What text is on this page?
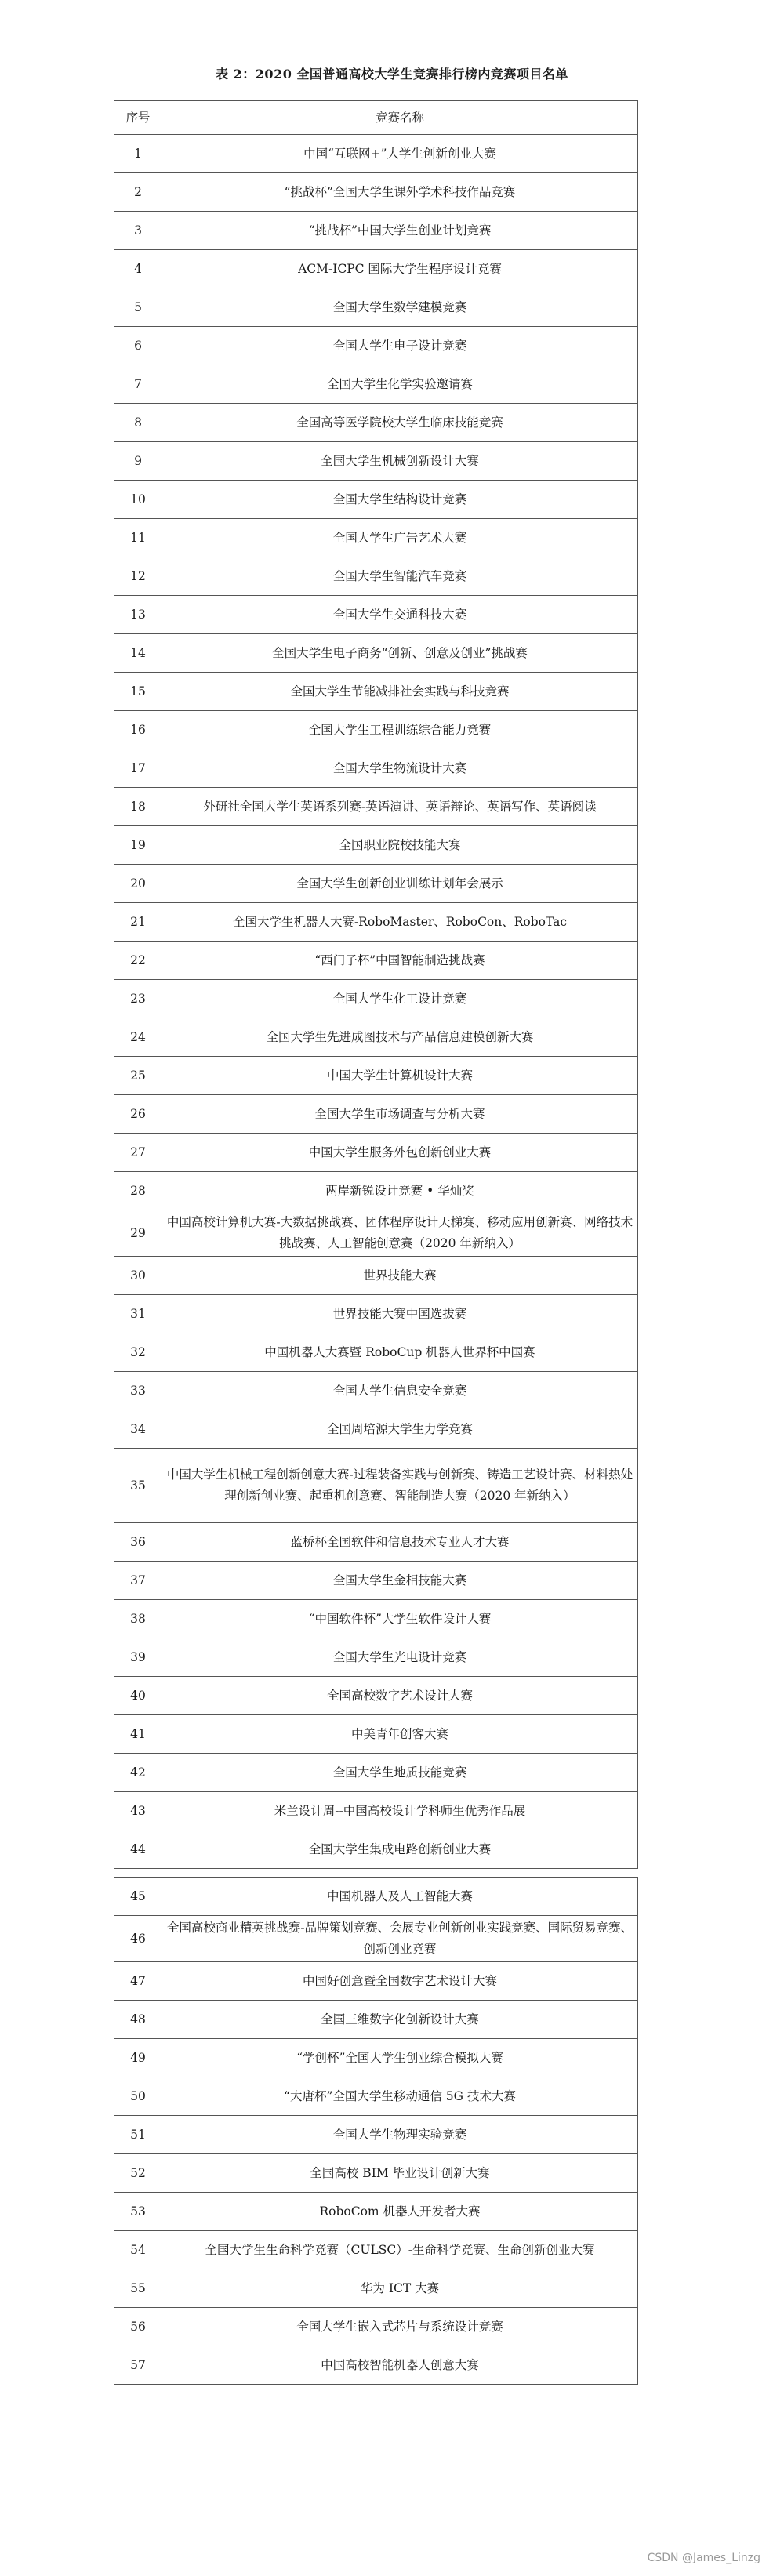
表 2：2020 全国普通高校大学生竞赛排行榜内竞赛项目名单
序号	竞赛名称
1	中国“互联网+”大学生创新创业大赛
2	“挑战杯”全国大学生课外学术科技作品竞赛
3	“挑战杯”中国大学生创业计划竞赛
4	ACM-ICPC 国际大学生程序设计竞赛
5	全国大学生数学建模竞赛
6	全国大学生电子设计竞赛
7	全国大学生化学实验邀请赛
8	全国高等医学院校大学生临床技能竞赛
9	全国大学生机械创新设计大赛
10	全国大学生结构设计竞赛
11	全国大学生广告艺术大赛
12	全国大学生智能汽车竞赛
13	全国大学生交通科技大赛
14	全国大学生电子商务“创新、创意及创业”挑战赛
15	全国大学生节能减排社会实践与科技竞赛
16	全国大学生工程训练综合能力竞赛
17	全国大学生物流设计大赛
18	外研社全国大学生英语系列赛-英语演讲、英语辩论、英语写作、英语阅读
19	全国职业院校技能大赛
20	全国大学生创新创业训练计划年会展示
21	全国大学生机器人大赛-RoboMaster、RoboCon、RoboTac
22	“西门子杯”中国智能制造挑战赛
23	全国大学生化工设计竞赛
24	全国大学生先进成图技术与产品信息建模创新大赛
25	中国大学生计算机设计大赛
26	全国大学生市场调查与分析大赛
27	中国大学生服务外包创新创业大赛
28	两岸新锐设计竞赛 • 华灿奖
29	中国高校计算机大赛-大数据挑战赛、团体程序设计天梯赛、移动应用创新赛、网络技术挑战赛、人工智能创意赛（2020 年新纳入）
30	世界技能大赛
31	世界技能大赛中国选拔赛
32	中国机器人大赛暨 RoboCup 机器人世界杯中国赛
33	全国大学生信息安全竞赛
34	全国周培源大学生力学竞赛
35	中国大学生机械工程创新创意大赛-过程装备实践与创新赛、铸造工艺设计赛、材料热处理创新创业赛、起重机创意赛、智能制造大赛（2020 年新纳入）
36	蓝桥杯全国软件和信息技术专业人才大赛
37	全国大学生金相技能大赛
38	“中国软件杯”大学生软件设计大赛
39	全国大学生光电设计竞赛
40	全国高校数字艺术设计大赛
41	中美青年创客大赛
42	全国大学生地质技能竞赛
43	米兰设计周--中国高校设计学科师生优秀作品展
44	全国大学生集成电路创新创业大赛
45	中国机器人及人工智能大赛
46	全国高校商业精英挑战赛-品牌策划竞赛、会展专业创新创业实践竞赛、国际贸易竞赛、创新创业竞赛
47	中国好创意暨全国数字艺术设计大赛
48	全国三维数字化创新设计大赛
49	“学创杯”全国大学生创业综合模拟大赛
50	“大唐杯”全国大学生移动通信 5G 技术大赛
51	全国大学生物理实验竞赛
52	全国高校 BIM 毕业设计创新大赛
53	RoboCom 机器人开发者大赛
54	全国大学生生命科学竞赛（CULSC）-生命科学竞赛、生命创新创业大赛
55	华为 ICT 大赛
56	全国大学生嵌入式芯片与系统设计竞赛
57	中国高校智能机器人创意大赛
CSDN @James_Linzg
